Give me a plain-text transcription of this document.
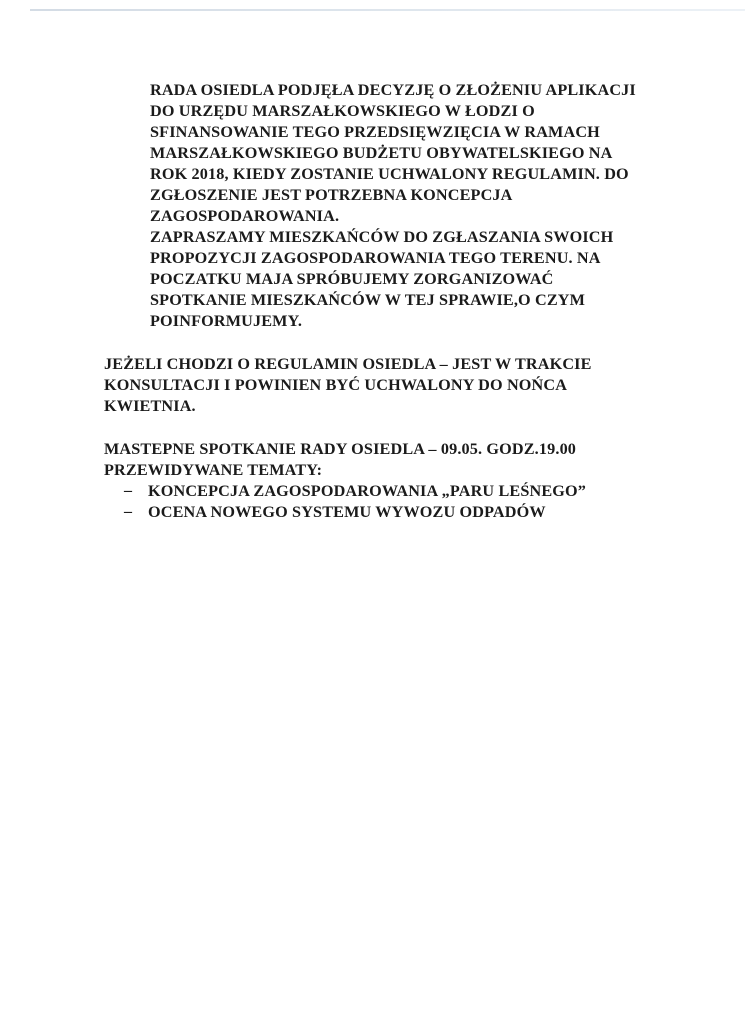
RADA OSIEDLA PODJĘŁA DECYZJĘ O ZŁOŻENIU APLIKACJI
DO URZĘDU MARSZAŁKOWSKIEGO W ŁODZI O
SFINANSOWANIE TEGO PRZEDSIĘWZIĘCIA W RAMACH
MARSZAŁKOWSKIEGO BUDŻETU OBYWATELSKIEGO NA
ROK 2018, KIEDY ZOSTANIE UCHWALONY REGULAMIN. DO
ZGŁOSZENIE JEST POTRZEBNA KONCEPCJA
ZAGOSPODAROWANIA.
ZAPRASZAMY MIESZKAŃCÓW DO ZGŁASZANIA SWOICH
PROPOZYCJI ZAGOSPODAROWANIA TEGO TERENU. NA
POCZATKU MAJA SPRÓBUJEMY ZORGANIZOWAĆ
SPOTKANIE MIESZKAŃCÓW W TEJ SPRAWIE,O CZYM
POINFORMUJEMY.
JEŻELI CHODZI O REGULAMIN OSIEDLA – JEST W TRAKCIE
KONSULTACJI I POWINIEN BYĆ UCHWALONY DO NOŃCA
KWIETNIA.
MASTEPNE SPOTKANIE RADY OSIEDLA – 09.05. GODZ.19.00
PRZEWIDYWANE TEMATY:
– KONCEPCJA ZAGOSPODAROWANIA „PARU LEŚNEGO”
– OCENA NOWEGO SYSTEMU WYWOZU ODPADÓW
